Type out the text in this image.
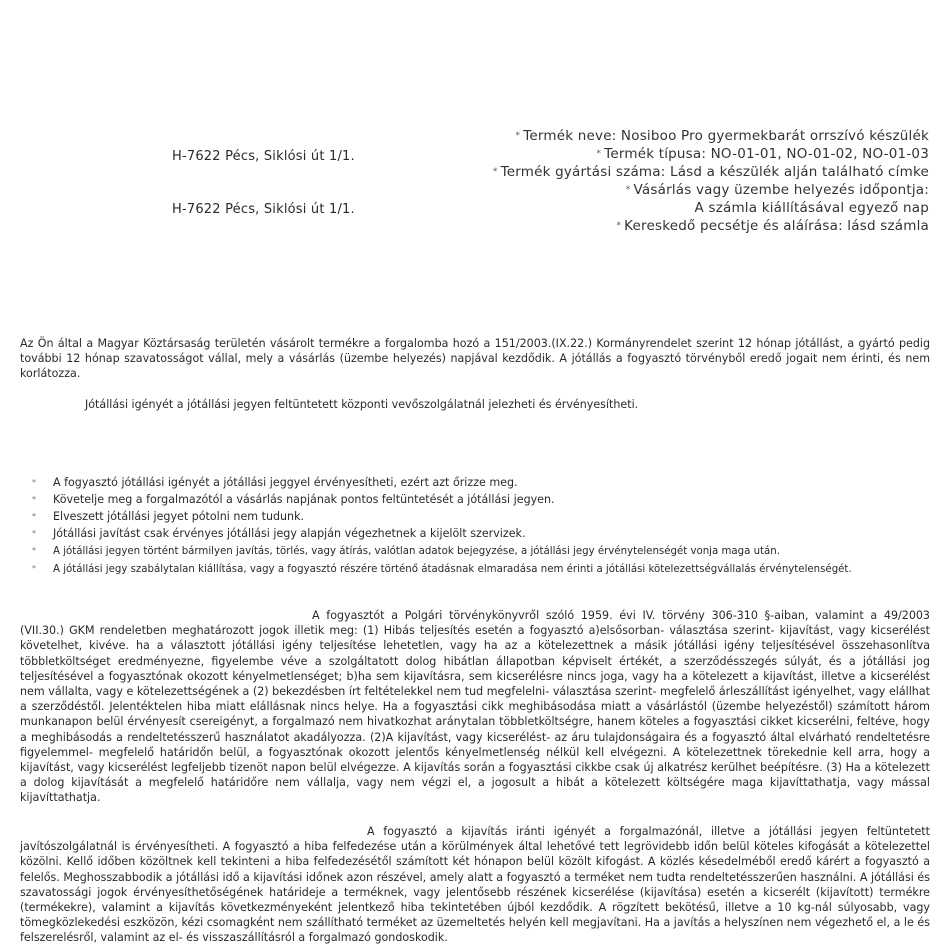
H-7622 Pécs, Siklósi út 1/1.
H-7622 Pécs, Siklósi út 1/1.
* Termék neve: Nosiboo Pro gyermekbarát orrszívó készülék
* Termék típusa: NO-01-01, NO-01-02, NO-01-03
* Termék gyártási száma: Lásd a készülék alján található címke
* Vásárlás vagy üzembe helyezés időpontja:
A számla kiállításával egyező nap
* Kereskedő pecsétje és aláírása: lásd számla
Az Ön által a Magyar Köztársaság területén vásárolt termékre a forgalomba hozó a 151/2003.(IX.22.) Kormányrendelet szerint 12 hónap jótállást, a gyártó pedig további 12 hónap szavatosságot vállal, mely a vásárlás (üzembe helyezés) napjával kezdődik. A jótállás a fogyasztó törvényből eredő jogait nem érinti, és nem korlátozza.
Jótállási igényét a jótállási jegyen feltüntetett központi vevőszolgálatnál jelezheti és érvényesítheti.
* A fogyasztó jótállási igényét a jótállási jeggyel érvényesítheti, ezért azt őrizze meg.
* Követelje meg a forgalmazótól a vásárlás napjának pontos feltüntetését a jótállási jegyen.
* Elveszett jótállási jegyet pótolni nem tudunk.
* Jótállási javítást csak érvényes jótállási jegy alapján végezhetnek a kijelölt szervizek.
* A jótállási jegyen történt bármilyen javítás, törlés, vagy átírás, valótlan adatok bejegyzése, a jótállási jegy érvénytelenségét vonja maga után.
* A jótállási jegy szabálytalan kiállítása, vagy a fogyasztó részére történő átadásnak elmaradása nem érinti a jótállási kötelezettségvállalás érvénytelenségét.
A fogyasztót a Polgári törvénykönyvről szóló 1959. évi IV. törvény 306-310 §-aiban, valamint a 49/2003 (VII.30.) GKM rendeletben meghatározott jogok illetik meg: (1) Hibás teljesítés esetén a fogyasztó a)elsősorban- választása szerint- kijavítást, vagy kicserélést követelhet, kivéve. ha a választott jótállási igény teljesítése lehetetlen, vagy ha az a kötelezettnek a másik jótállási igény teljesítésével összehasonlítva többletköltséget eredményezne, figyelembe véve a szolgáltatott dolog hibátlan állapotban képviselt értékét, a szerződésszegés súlyát, és a jótállási jog teljesítésével a fogyasztónak okozott kényelmetlenséget; b)ha sem kijavításra, sem kicserélésre nincs joga, vagy ha a kötelezett a kijavítást, illetve a kicserélést nem vállalta, vagy e kötelezettségének a (2) bekezdésben írt feltételekkel nem tud megfelelni- választása szerint- megfelelő árleszállítást igényelhet, vagy elállhat a szerződéstől. Jelentéktelen hiba miatt elállásnak nincs helye. Ha a fogyasztási cikk meghibásodása miatt a vásárlástól (üzembe helyezéstől) számított három munkanapon belül érvényesít csereigényt, a forgalmazó nem hivatkozhat aránytalan többletköltségre, hanem köteles a fogyasztási cikket kicserélni, feltéve, hogy a meghibásodás a rendeltetésszerű használatot akadályozza. (2)A kijavítást, vagy kicserélést- az áru tulajdonságaira és a fogyasztó által elvárható rendeltetésre figyelemmel- megfelelő határidőn belül, a fogyasztónak okozott jelentős kényelmetlenség nélkül kell elvégezni. A kötelezettnek törekednie kell arra, hogy a kijavítást, vagy kicserélést legfeljebb tizenöt napon belül elvégezze. A kijavítás során a fogyasztási cikkbe csak új alkatrész kerülhet beépítésre. (3) Ha a kötelezett a dolog kijavítását a megfelelő határidőre nem vállalja, vagy nem végzi el, a jogosult a hibát a kötelezett költségére maga kijavíttathatja, vagy mással kijavíttathatja.
A fogyasztó a kijavítás iránti igényét a forgalmazónál, illetve a jótállási jegyen feltüntetett javítószolgálatnál is érvényesítheti. A fogyasztó a hiba felfedezése után a körülmények által lehetővé tett legrövidebb időn belül köteles kifogását a kötelezettel közölni. Kellő időben közöltnek kell tekinteni a hiba felfedezésétől számított két hónapon belül közölt kifogást. A közlés késedelméből eredő kárért a fogyasztó a felelős. Meghosszabbodik a jótállási idő a kijavítási időnek azon részével, amely alatt a fogyasztó a terméket nem tudta rendeltetésszerűen használni. A jótállási és szavatossági jogok érvényesíthetőségének határideje a terméknek, vagy jelentősebb részének kicserélése (kijavítása) esetén a kicserélt (kijavított) termékre (termékekre), valamint a kijavítás következményeként jelentkező hiba tekintetében újból kezdődik. A rögzített bekötésű, illetve a 10 kg-nál súlyosabb, vagy tömegközlekedési eszközön, kézi csomagként nem szállítható terméket az üzemeltetés helyén kell megjavítani. Ha a javítás a helyszínen nem végezhető el, a le és felszerelésről, valamint az el- és visszaszállításról a forgalmazó gondoskodik.
